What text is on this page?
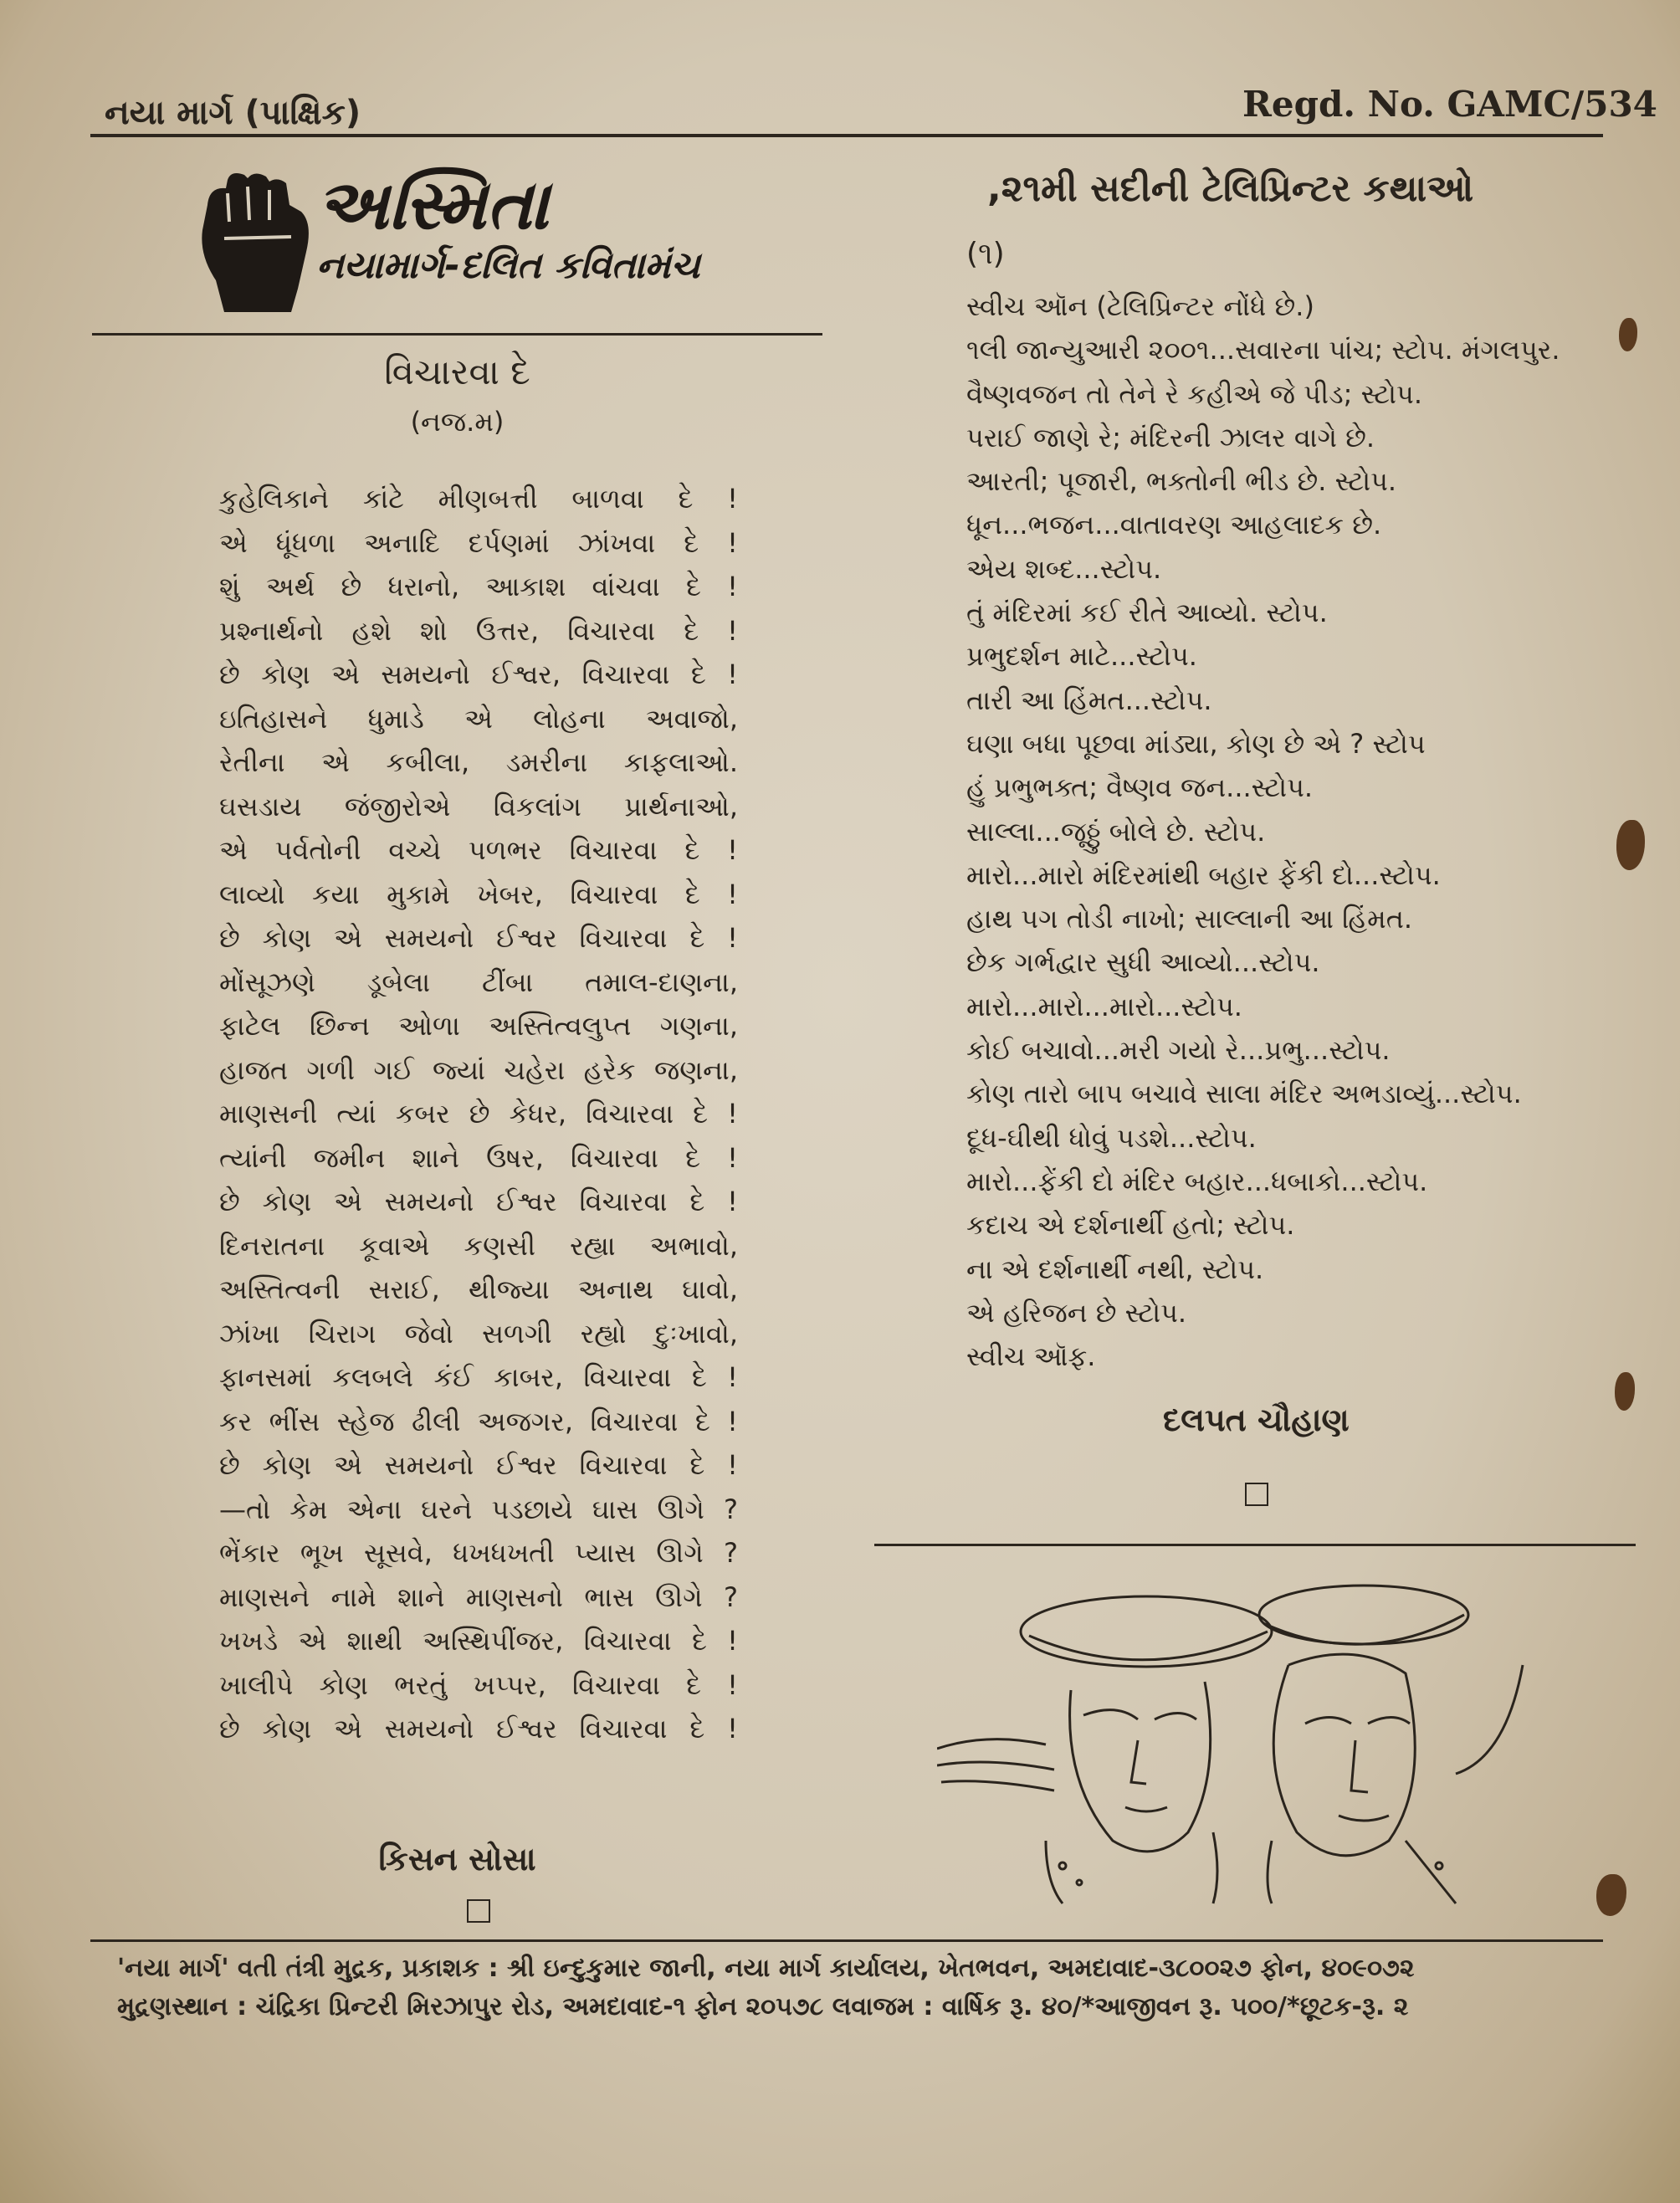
નયા માર્ગ (પાક્ષિક)	Regd. No. GAMC/534
અસ્મિતા
નયામાર્ગ-દલિત કવિતામંચ
વિચારવા દે
(નજ.મ)
કુહેલિકાને કાંટે મીણબત્તી બાળવા દે !
એ ધૂંધળા અનાદિ દર્પણમાં ઝાંખવા દે !
શું અર્થ છે ધરાનો, આકાશ વાંચવા દે !
પ્રશ્નાર્થનો હશે શો ઉત્તર, વિચારવા દે !
છે કોણ એ સમયનો ઈશ્વર, વિચારવા દે !
ઇતિહાસને ધુમાડે એ લોહના અવાજો,
રેતીના એ કબીલા, ડમરીના કાફલાઓ.
ઘસડાય જંજીરોએ વિકલાંગ પ્રાર્થનાઓ,
એ પર્વતોની વચ્ચે પળભર વિચારવા દે !
લાવ્યો કયા મુકામે ખેબર, વિચારવા દે !
છે કોણ એ સમયનો ઈશ્વર વિચારવા દે !
મોંસૂઝણે ડૂબેલા ટીંબા તમાલ-દાણના,
ફાટેલ છિન્ન ઓળા અસ્તિત્વલુપ્ત ગણના,
હાજત ગળી ગઈ જ્યાં ચહેરા હરેક જણના,
માણસની ત્યાં કબર છે કેધર, વિચારવા દે !
ત્યાંની જમીન શાને ઉષર, વિચારવા દે !
છે કોણ એ સમયનો ઈશ્વર વિચારવા દે !
દિનરાતના કૂવાએ કણસી રહ્યા અભાવો,
અસ્તિત્વની સરાઈ, થીજ્યા અનાથ ઘાવો,
ઝાંખા ચિરાગ જેવો સળગી રહ્યો દુઃખાવો,
ફાનસમાં કલબલે કંઈ કાબર, વિચારવા દે !
કર ભીંસ સ્હેજ ઢીલી અજગર, વિચારવા દે !
છે કોણ એ સમયનો ઈશ્વર વિચારવા દે !
—તો કેમ એના ઘરને પડછાયે ઘાસ ઊગે ?
ભેંકાર ભૂખ સૂસવે, ધખધખતી પ્યાસ ઊગે ?
માણસને નામે શાને માણસનો ભાસ ઊગે ?
ખખડે એ શાથી અસ્થિપીંજર, વિચારવા દે !
ખાલીપે કોણ ભરતું ખપ્પર, વિચારવા દે !
છે કોણ એ સમયનો ઈશ્વર વિચારવા દે !
કિસન સોસા
,૨૧મી સદીની ટેલિપ્રિન્ટર કથાઓ
(૧)
સ્વીચ ઑન (ટેલિપ્રિન્ટર નોંધે છે.)
૧લી જાન્યુઆરી ૨૦૦૧...સવારના પાંચ; સ્ટોપ. મંગલપુર.
વૈષ્ણવજન તો તેને રે કહીએ જે પીડ; સ્ટોપ.
પરાઈ જાણે રે; મંદિરની ઝાલર વાગે છે.
આરતી; પૂજારી, ભક્તોની ભીડ છે. સ્ટોપ.
ધૂન...ભજન...વાતાવરણ આહલાદક છે.
એય શબ્દ...સ્ટોપ.
તું મંદિરમાં કઈ રીતે આવ્યો. સ્ટોપ.
પ્રભુદર્શન માટે...સ્ટોપ.
તારી આ હિંમત...સ્ટોપ.
ઘણા બધા પૂછવા માંડ્યા, કોણ છે એ ? સ્ટોપ
હું પ્રભુભક્ત; વૈષ્ણવ જન...સ્ટોપ.
સાલ્લા...જૂઠ્ઠું બોલે છે. સ્ટોપ.
મારો...મારો મંદિરમાંથી બહાર ફેંકી દો...સ્ટોપ.
હાથ પગ તોડી નાખો; સાલ્લાની આ હિંમત.
છેક ગર્ભદ્વાર સુધી આવ્યો...સ્ટોપ.
મારો...મારો...મારો...સ્ટોપ.
કોઈ બચાવો...મરી ગયો રે...પ્રભુ...સ્ટોપ.
કોણ તારો બાપ બચાવે સાલા મંદિર અભડાવ્યું...સ્ટોપ.
દૂધ-ઘીથી ધોવું પડશે...સ્ટોપ.
મારો...ફેંકી દો મંદિર બહાર...ધબાકો...સ્ટોપ.
કદાચ એ દર્શનાર્થી હતો; સ્ટોપ.
ના એ દર્શનાર્થી નથી, સ્ટોપ.
એ હરિજન છે સ્ટોપ.
સ્વીચ ઑફ.
દલપત ચૌહાણ
'નયા માર્ગ' વતી તંત્રી મુદ્રક, પ્રકાશક : શ્રી ઇન્દુકુમાર જાની, નયા માર્ગ કાર્યાલય, ખેતભવન, અમદાવાદ-૩૮૦૦૨૭ ફોન, ૪૦૯૦૭૨
મુદ્રણસ્થાન : ચંદ્રિકા પ્રિન્ટરી મિરઝાપુર રોડ, અમદાવાદ-૧ ફોન ૨૦૫૭૮ લવાજમ : વાર્ષિક રૂ. ૪૦/*આજીવન રૂ. ૫૦૦/*છૂટક-રૂ. ૨
